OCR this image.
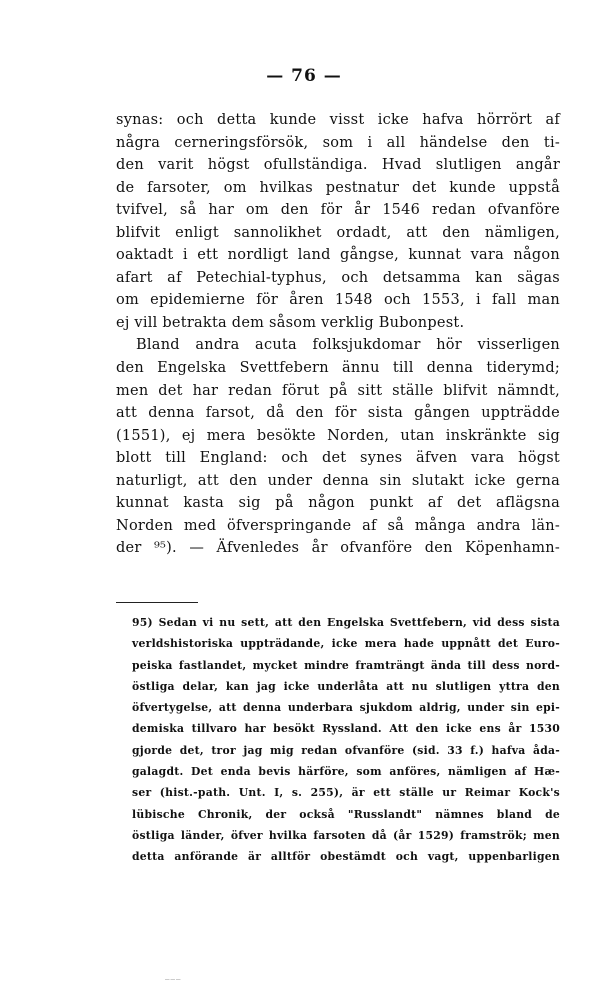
— 76 —
synas: och detta kunde visst icke hafva hörrört af
några cerneringsförsök, som i all händelse den ti-
den varit högst ofullständiga. Hvad slutligen angår
de farsoter, om hvilkas pestnatur det kunde uppstå
tvifvel, så har om den för år 1546 redan ofvanföre
blifvit enligt sannolikhet ordadt, att den nämligen,
oaktadt i ett nordligt land gångse, kunnat vara någon
afart af Petechial-typhus, och detsamma kan sägas
om epidemierne för åren 1548 och 1553, i fall man
ej vill betrakta dem såsom verklig Bubonpest.
Bland andra acuta folksjukdomar hör visserligen
den Engelska Svettfebern ännu till denna tiderymd;
men det har redan förut på sitt ställe blifvit nämndt,
att denna farsot, då den för sista gången uppträdde
(1551), ej mera besökte Norden, utan inskränkte sig
blott till England: och det synes äfven vara högst
naturligt, att den under denna sin slutakt icke gerna
kunnat kasta sig på någon punkt af det aflägsna
Norden med öfverspringande af så många andra län-
der ⁹⁵). — Äfvenledes år ofvanföre den Köpenhamn-
95) Sedan vi nu sett, att den Engelska Svettfebern, vid dess sista
verldshistoriska uppträdande, icke mera hade uppnått det Euro-
peiska fastlandet, mycket mindre framträngt ända till dess nord-
östliga delar, kan jag icke underlåta att nu slutligen yttra den
öfvertygelse, att denna underbara sjukdom aldrig, under sin epi-
demiska tillvaro har besökt Ryssland. Att den icke ens år 1530
gjorde det, tror jag mig redan ofvanföre (sid. 33 f.) hafva åda-
galagdt. Det enda bevis härföre, som anföres, nämligen af Hæ-
ser (hist.-path. Unt. I, s. 255), är ett ställe ur Reimar Kock's
lübische Chronik, der också "Russlandt" nämnes bland de
östliga länder, öfver hvilka farsoten då (år 1529) framströk; men
detta anförande är alltför obestämdt och vagt, uppenbarligen
___
